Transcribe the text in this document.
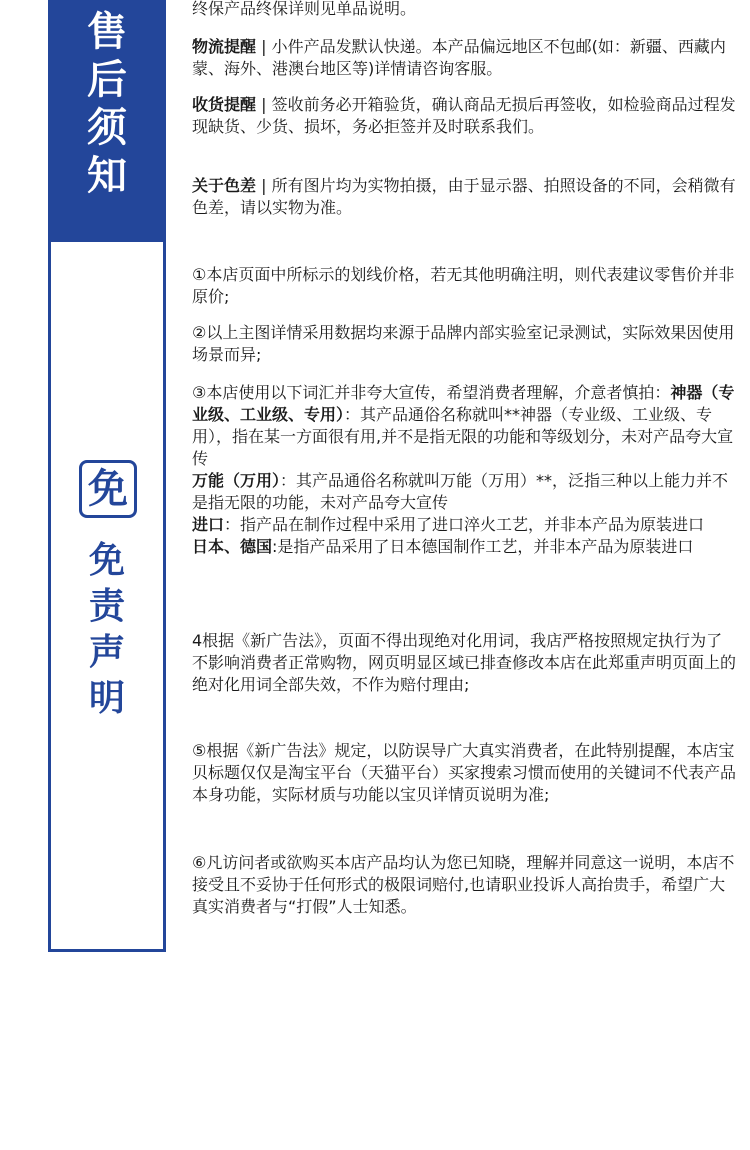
售
后
须
知
免
免
责
声
明

终保产品终保详则见单品说明。

物流提醒 | 小件产品发默认快递。本产品偏远地区不包邮(如：新疆、西藏内蒙、海外、港澳台地区等)详情请咨询客服。

收货提醒 | 签收前务必开箱验货，确认商品无损后再签收，如检验商品过程发现缺货、少货、损坏，务必拒签并及时联系我们。

关于色差 | 所有图片均为实物拍摄，由于显示器、拍照设备的不同，会稍微有色差，请以实物为准。

①本店页面中所标示的划线价格，若无其他明确注明，则代表建议零售价并非原价;

②以上主图详情采用数据均来源于品牌内部实验室记录测试，实际效果因使用场景而异;

③本店使用以下词汇并非夸大宣传，希望消费者理解，介意者慎拍：神器（专业级、工业级、专用）：其产品通俗名称就叫**神器（专业级、工业级、专用），指在某一方面很有用,并不是指无限的功能和等级划分，未对产品夸大宣传
万能（万用）：其产品通俗名称就叫万能（万用）**，泛指三种以上能力并不是指无限的功能，未对产品夸大宣传
进口：指产品在制作过程中采用了进口淬火工艺，并非本产品为原装进口
日本、德国:是指产品采用了日本德国制作工艺，并非本产品为原装进口

4根据《新广告法》，页面不得出现绝对化用词，我店严格按照规定执行为了不影响消费者正常购物，网页明显区域已排查修改本店在此郑重声明页面上的绝对化用词全部失效，不作为赔付理由;

⑤根据《新广告法》规定，以防误导广大真实消费者，在此特别提醒，本店宝贝标题仅仅是淘宝平台（天猫平台）买家搜索习惯而使用的关键词不代表产品本身功能，实际材质与功能以宝贝详情页说明为准;

⑥凡访问者或欲购买本店产品均认为您已知晓，理解并同意这一说明，本店不接受且不妥协于任何形式的极限词赔付,也请职业投诉人高抬贵手，希望广大真实消费者与“打假”人士知悉。
